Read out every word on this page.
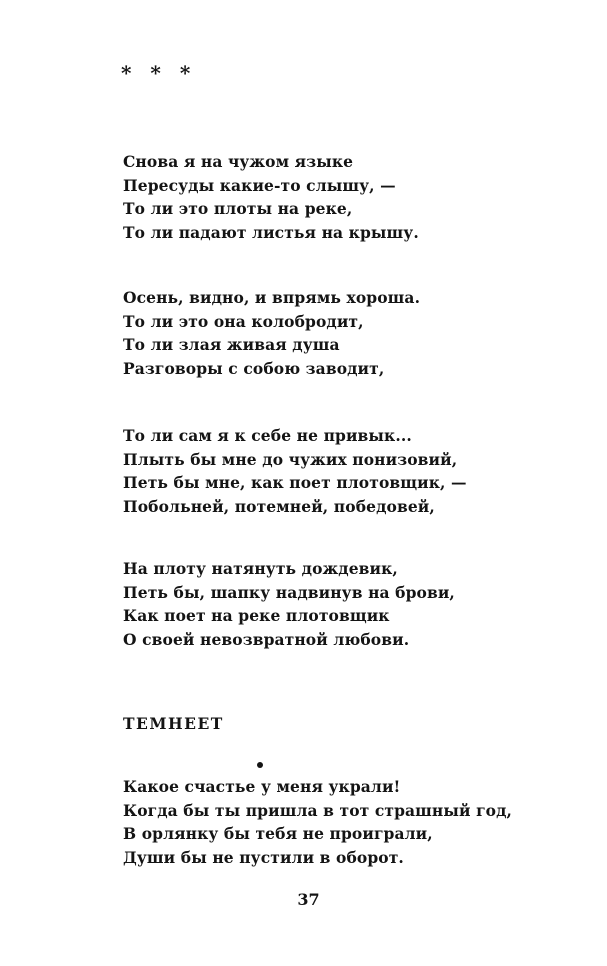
* * *
Снова я на чужом языке
Пересуды какие-то слышу, —
То ли это плоты на реке,
То ли падают листья на крышу.
Осень, видно, и впрямь хороша.
То ли это она колобродит,
То ли злая живая душа
Разговоры с собою заводит,
То ли сам я к себе не привык...
Плыть бы мне до чужих понизовий,
Петь бы мне, как поет плотовщик, —
Побольней, потемней, победовей,
На плоту натянуть дождевик,
Петь бы, шапку надвинув на брови,
Как поет на реке плотовщик
О своей невозвратной любови.
ТЕМНЕЕТ
Какое счастье у меня украли!
Когда бы ты пришла в тот страшный год,
В орлянку бы тебя не проиграли,
Души бы не пустили в оборот.
37
